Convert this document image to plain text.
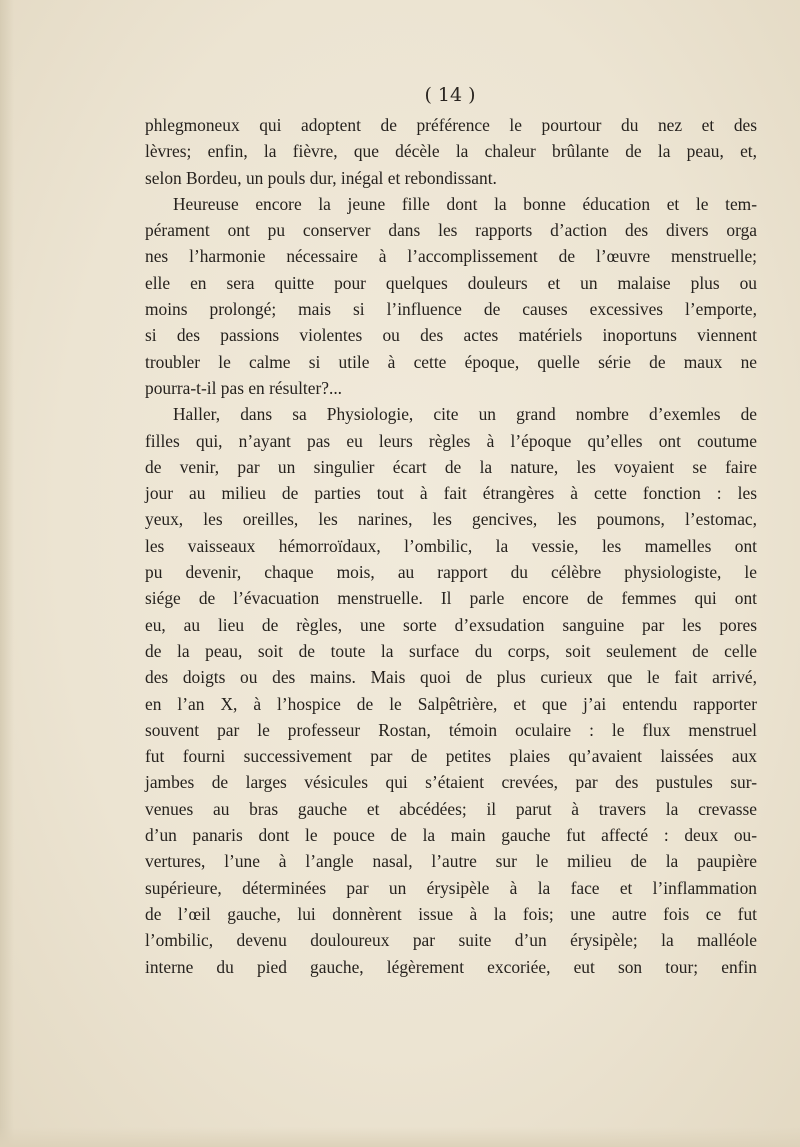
( 14 )
phlegmoneux qui adoptent de préférence le pourtour du nez et des
lèvres; enfin, la fièvre, que décèle la chaleur brûlante de la peau, et,
selon Bordeu, un pouls dur, inégal et rebondissant.
Heureuse encore la jeune fille dont la bonne éducation et le tem-
pérament ont pu conserver dans les rapports d’action des divers orga
nes l’harmonie nécessaire à l’accomplissement de l’œuvre menstruelle;
elle en sera quitte pour quelques douleurs et un malaise plus ou
moins prolongé; mais si l’influence de causes excessives l’emporte,
si des passions violentes ou des actes matériels inoportuns viennent
troubler le calme si utile à cette époque, quelle série de maux ne
pourra-t-il pas en résulter?...
Haller, dans sa Physiologie, cite un grand nombre d’exemles de
filles qui, n’ayant pas eu leurs règles à l’époque qu’elles ont coutume
de venir, par un singulier écart de la nature, les voyaient se faire
jour au milieu de parties tout à fait étrangères à cette fonction : les
yeux, les oreilles, les narines, les gencives, les poumons, l’estomac,
les vaisseaux hémorroïdaux, l’ombilic, la vessie, les mamelles ont
pu devenir, chaque mois, au rapport du célèbre physiologiste, le
siége de l’évacuation menstruelle. Il parle encore de femmes qui ont
eu, au lieu de règles, une sorte d’exsudation sanguine par les pores
de la peau, soit de toute la surface du corps, soit seulement de celle
des doigts ou des mains. Mais quoi de plus curieux que le fait arrivé,
en l’an X, à l’hospice de le Salpêtrière, et que j’ai entendu rapporter
souvent par le professeur Rostan, témoin oculaire : le flux menstruel
fut fourni successivement par de petites plaies qu’avaient laissées aux
jambes de larges vésicules qui s’étaient crevées, par des pustules sur-
venues au bras gauche et abcédées; il parut à travers la crevasse
d’un panaris dont le pouce de la main gauche fut affecté : deux ou-
vertures, l’une à l’angle nasal, l’autre sur le milieu de la paupière
supérieure, déterminées par un érysipèle à la face et l’inflammation
de l’œil gauche, lui donnèrent issue à la fois; une autre fois ce fut
l’ombilic, devenu douloureux par suite d’un érysipèle; la malléole
interne du pied gauche, légèrement excoriée, eut son tour; enfin
